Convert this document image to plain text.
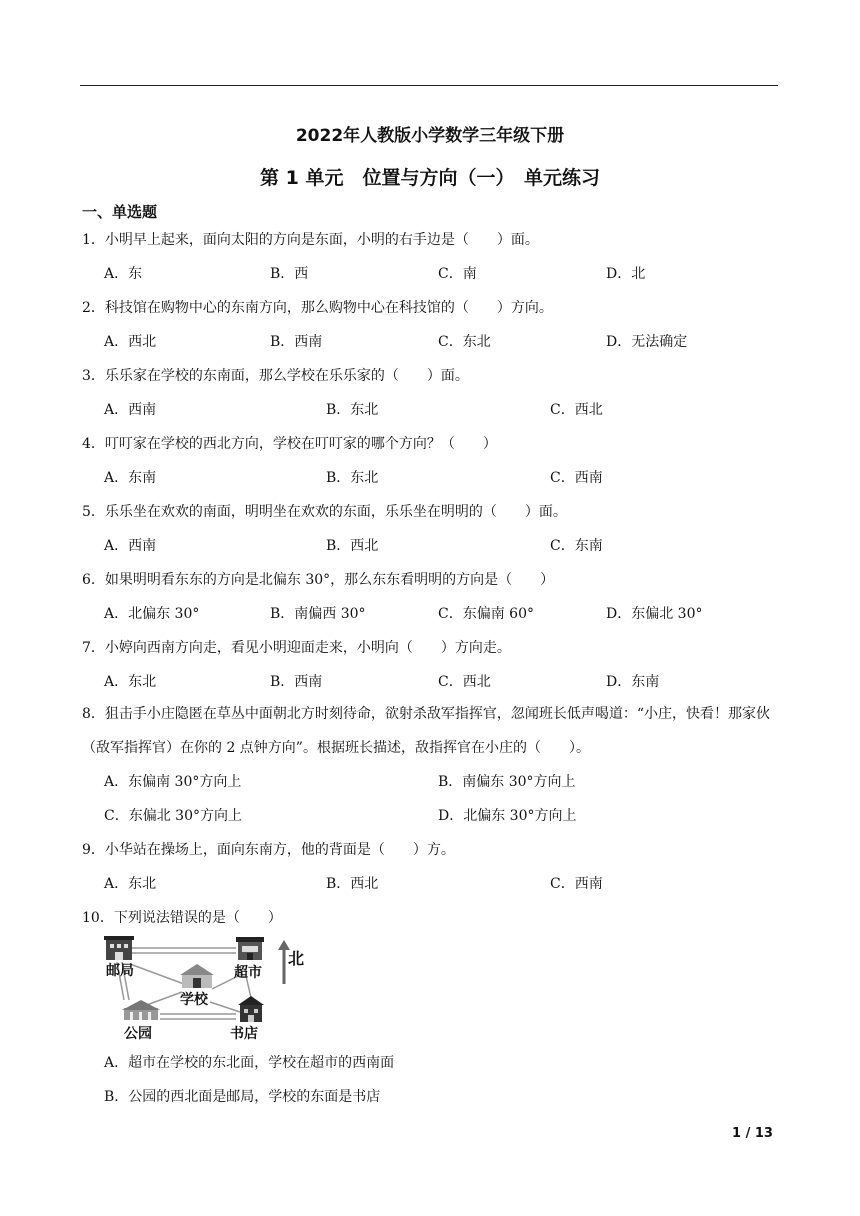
2022年人教版小学数学三年级下册
第 1 单元　位置与方向（一）　单元练习
一、单选题
1．小明早上起来，面向太阳的方向是东面，小明的右手边是（　　）面。
A．东	B．西	C．南	D．北
2．科技馆在购物中心的东南方向，那么购物中心在科技馆的（　　）方向。
A．西北	B．西南	C．东北	D．无法确定
3．乐乐家在学校的东南面，那么学校在乐乐家的（　　）面。
A．西南	B．东北	C．西北
4．叮叮家在学校的西北方向，学校在叮叮家的哪个方向？（　　）
A．东南	B．东北	C．西南
5．乐乐坐在欢欢的南面，明明坐在欢欢的东面，乐乐坐在明明的（　　）面。
A．西南	B．西北	C．东南
6．如果明明看东东的方向是北偏东 30°，那么东东看明明的方向是（　　）
A．北偏东 30°	B．南偏西 30°	C．东偏南 60°	D．东偏北 30°
7．小婷向西南方向走，看见小明迎面走来，小明向（　　）方向走。
A．东北	B．西南	C．西北	D．东南
8．狙击手小庄隐匿在草丛中面朝北方时刻待命，欲射杀敌军指挥官，忽闻班长低声喝道：“小庄，快看！那家伙（敌军指挥官）在你的 2 点钟方向”。根据班长描述，敌指挥官在小庄的（　　）。
A．东偏南 30°方向上	B．南偏东 30°方向上
C．东偏北 30°方向上	D．北偏东 30°方向上
9．小华站在操场上，面向东南方，他的背面是（　　）方。
A．东北	B．西北	C．西南
10．下列说法错误的是（　　）
邮局	超市
北
学校
公园	书店
A．超市在学校的东北面，学校在超市的西南面
B．公园的西北面是邮局，学校的东面是书店
1 / 13
